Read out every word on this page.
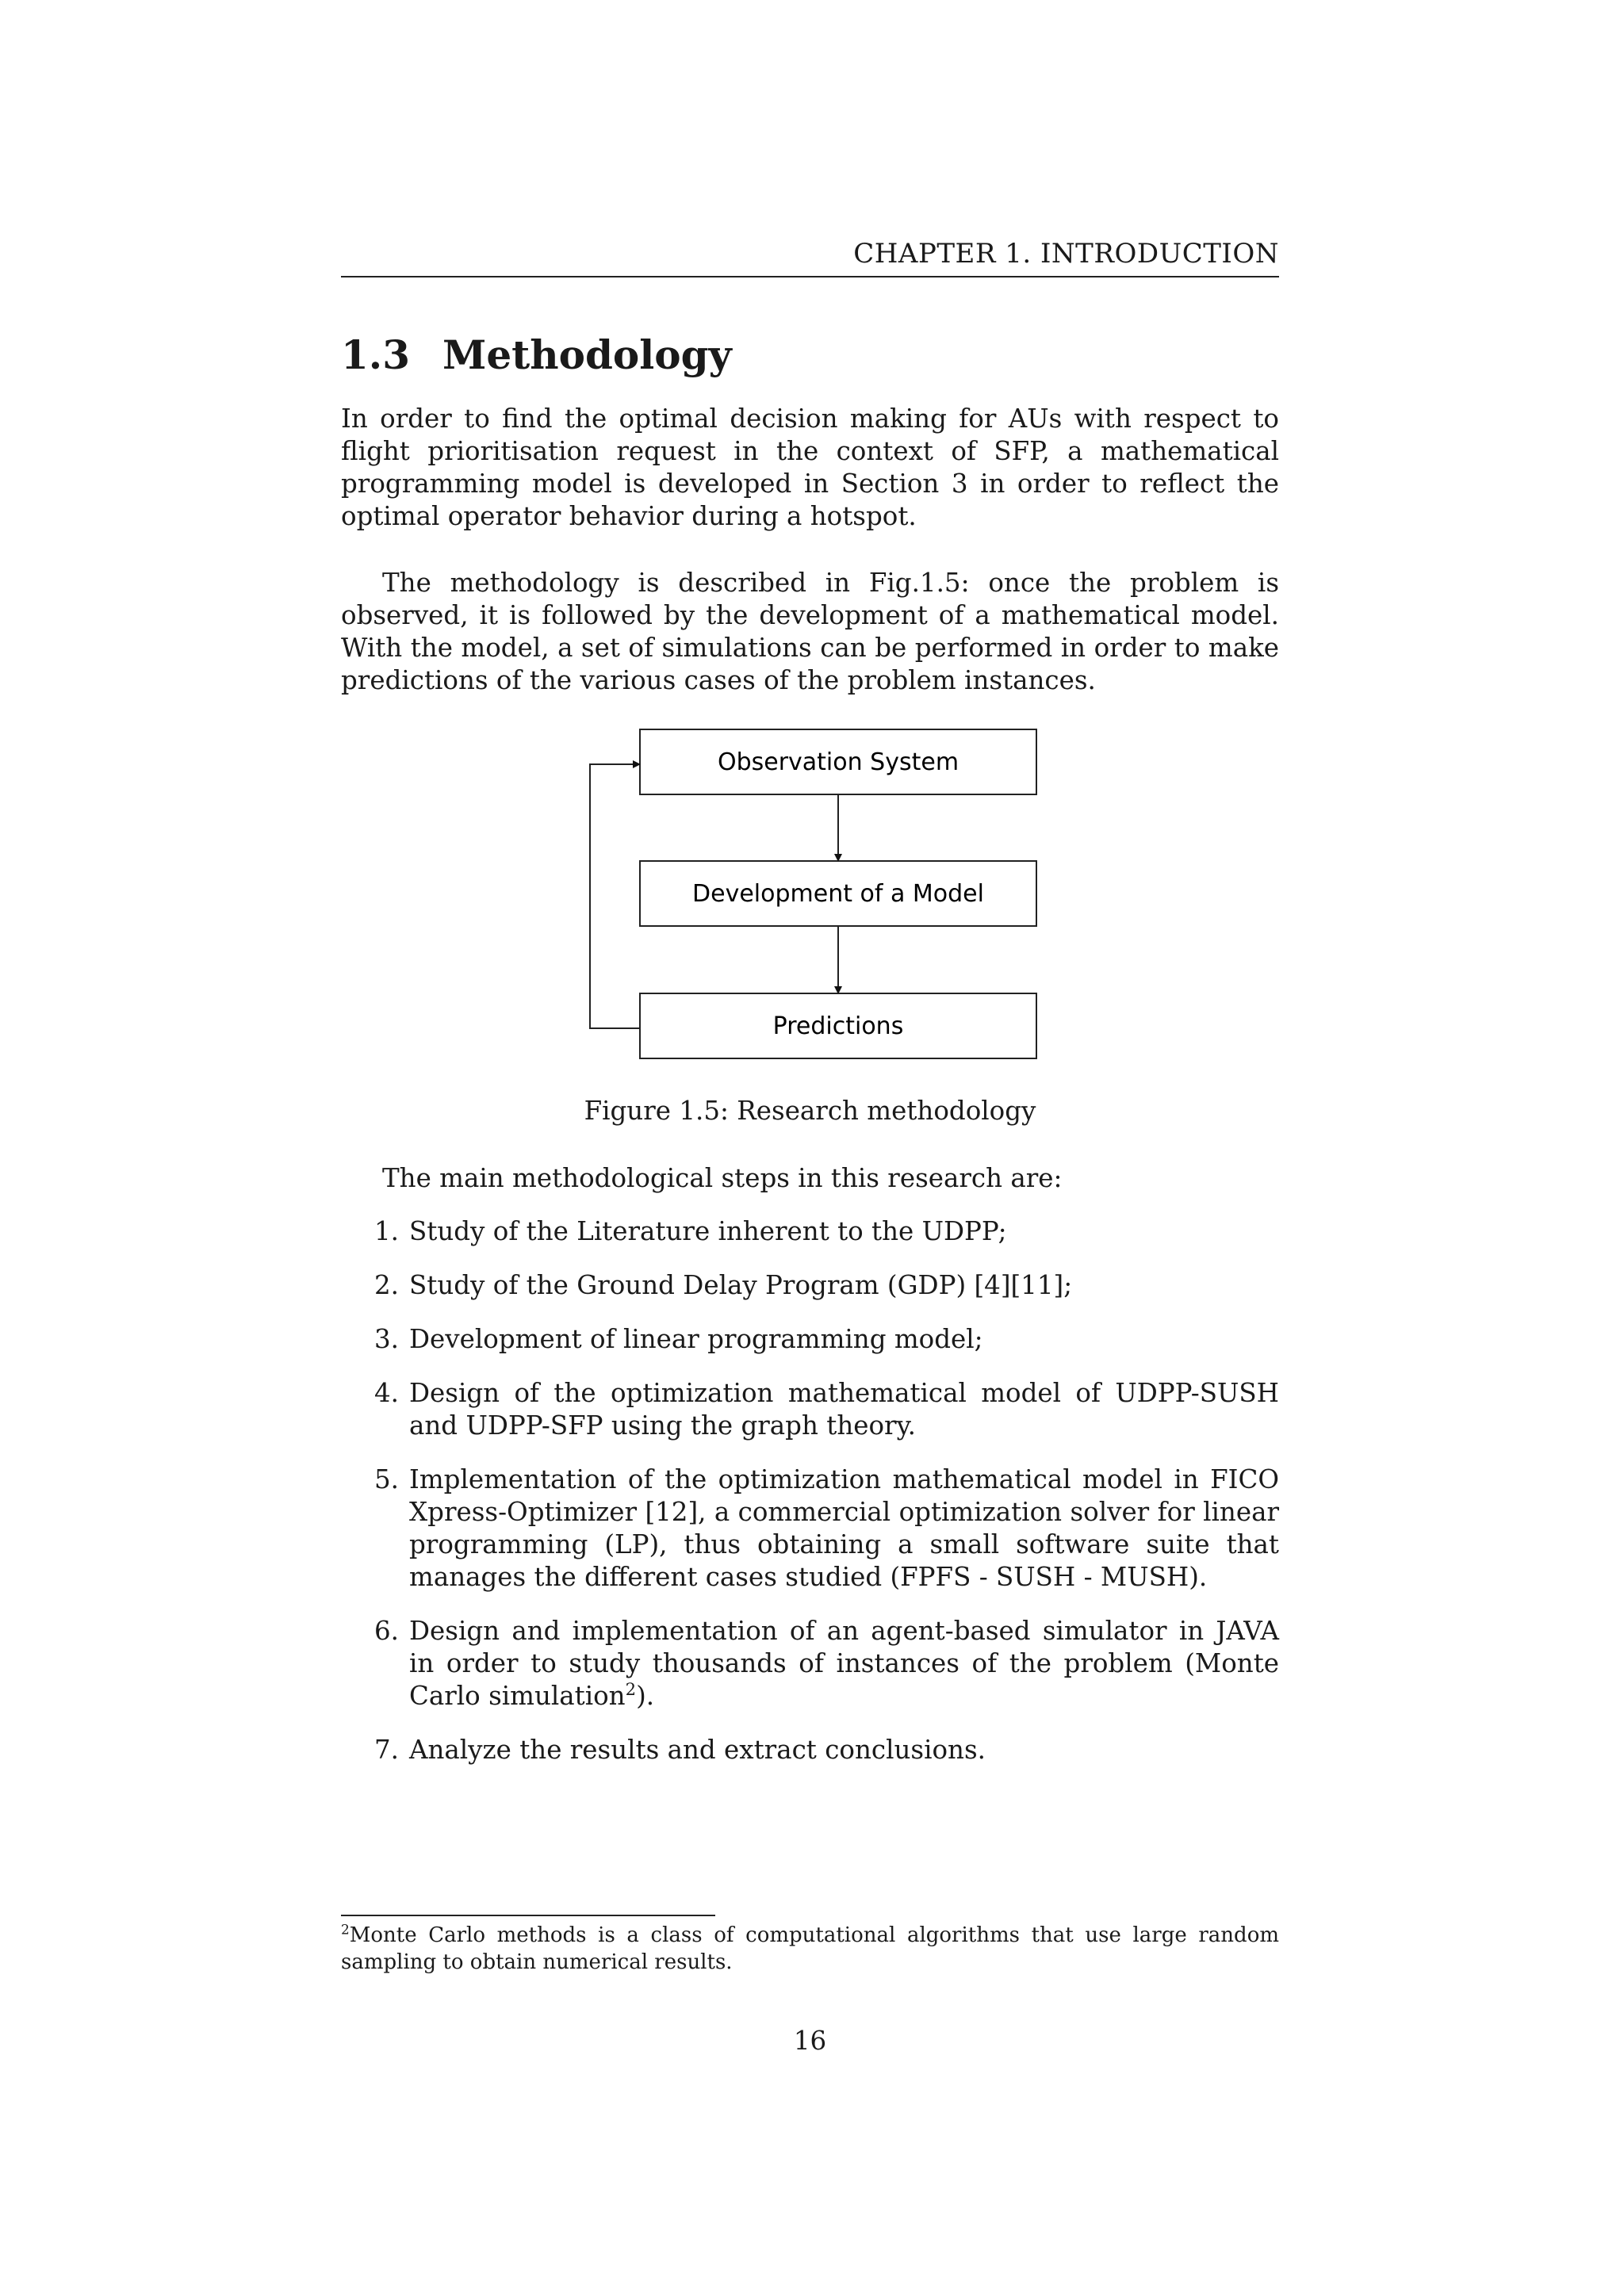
CHAPTER 1. INTRODUCTION
1.3 Methodology

In order to find the optimal decision making for AUs with respect to flight prioritisation request in the context of SFP, a mathematical programming model is developed in Section 3 in order to reflect the optimal operator behavior during a hotspot.

The methodology is described in Fig.1.5: once the problem is observed, it is followed by the development of a mathematical model. With the model, a set of simulations can be performed in order to make predictions of the various cases of the problem instances.

Observation System
Development of a Model
Predictions

Figure 1.5: Research methodology

The main methodological steps in this research are:

1. Study of the Literature inherent to the UDPP;
2. Study of the Ground Delay Program (GDP) [4][11];
3. Development of linear programming model;
4. Design of the optimization mathematical model of UDPP-SUSH and UDPP-SFP using the graph theory.
5. Implementation of the optimization mathematical model in FICO Xpress-Optimizer [12], a commercial optimization solver for linear programming (LP), thus obtaining a small software suite that manages the different cases studied (FPFS - SUSH - MUSH).
6. Design and implementation of an agent-based simulator in JAVA in order to study thousands of instances of the problem (Monte Carlo simulation$^2$).
7. Analyze the results and extract conclusions.

$^2$Monte Carlo methods is a class of computational algorithms that use large random sampling to obtain numerical results.

16
